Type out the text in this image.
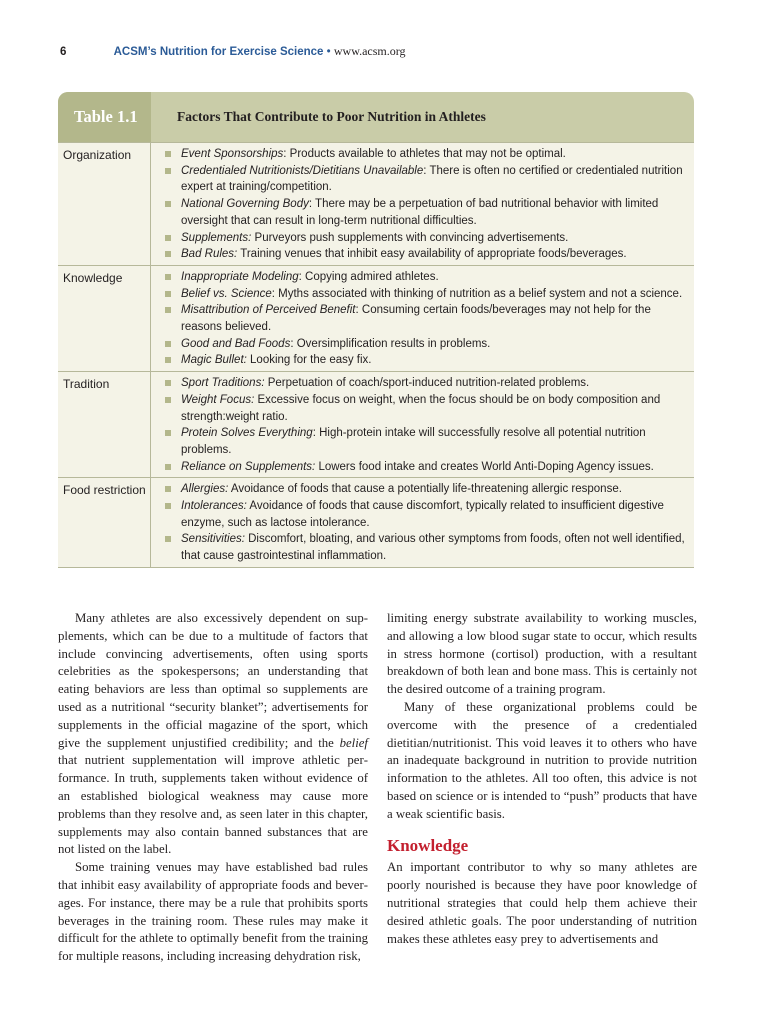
6	ACSM’s Nutrition for Exercise Science • www.acsm.org
Table 1.1	Factors That Contribute to Poor Nutrition in Athletes
Organization	Event Sponsorships: Products available to athletes that may not be optimal.
Credentialed Nutritionists/Dietitians Unavailable: There is often no certified or credentialed nutrition expert at training/competition.
National Governing Body: There may be a perpetuation of bad nutritional behavior with limited oversight that can result in long-term nutritional difficulties.
Supplements: Purveyors push supplements with convincing advertisements.
Bad Rules: Training venues that inhibit easy availability of appropriate foods/beverages.
Knowledge	Inappropriate Modeling: Copying admired athletes.
Belief vs. Science: Myths associated with thinking of nutrition as a belief system and not a science.
Misattribution of Perceived Benefit: Consuming certain foods/beverages may not help for the reasons believed.
Good and Bad Foods: Oversimplification results in problems.
Magic Bullet: Looking for the easy fix.
Tradition	Sport Traditions: Perpetuation of coach/sport-induced nutrition-related problems.
Weight Focus: Excessive focus on weight, when the focus should be on body composition and strength:weight ratio.
Protein Solves Everything: High-protein intake will successfully resolve all potential nutrition problems.
Reliance on Supplements: Lowers food intake and creates World Anti-Doping Agency issues.
Food restriction	Allergies: Avoidance of foods that cause a potentially life-threatening allergic response.
Intolerances: Avoidance of foods that cause discomfort, typically related to insufficient digestive enzyme, such as lactose intolerance.
Sensitivities: Discomfort, bloating, and various other symptoms from foods, often not well identified, that cause gastrointestinal inflammation.

Many athletes are also excessively dependent on supplements, which can be due to a multitude of factors that include convincing advertisements, often using sports celebrities as the spokespersons; an understanding that eating behaviors are less than optimal so supplements are used as a nutritional “security blanket”; advertisements for supplements in the official magazine of the sport, which give the supplement unjustified credibility; and the belief that nutrient supplementation will improve athletic performance. In truth, supplements taken without evidence of an established biological weakness may cause more problems than they resolve and, as seen later in this chapter, supplements may also contain banned substances that are not listed on the label.

Some training venues may have established bad rules that inhibit easy availability of appropriate foods and beverages. For instance, there may be a rule that prohibits sports beverages in the training room. These rules may make it difficult for the athlete to optimally benefit from the training for multiple reasons, including increasing dehydration risk,

limiting energy substrate availability to working muscles, and allowing a low blood sugar state to occur, which results in stress hormone (cortisol) production, with a resultant breakdown of both lean and bone mass. This is certainly not the desired outcome of a training program.

Many of these organizational problems could be overcome with the presence of a credentialed dietitian/nutritionist. This void leaves it to others who have an inadequate background in nutrition to provide nutrition information to the athletes. All too often, this advice is not based on science or is intended to “push” products that have a weak scientific basis.

Knowledge

An important contributor to why so many athletes are poorly nourished is because they have poor knowledge of nutritional strategies that could help them achieve their desired athletic goals. The poor understanding of nutrition makes these athletes easy prey to advertisements and
